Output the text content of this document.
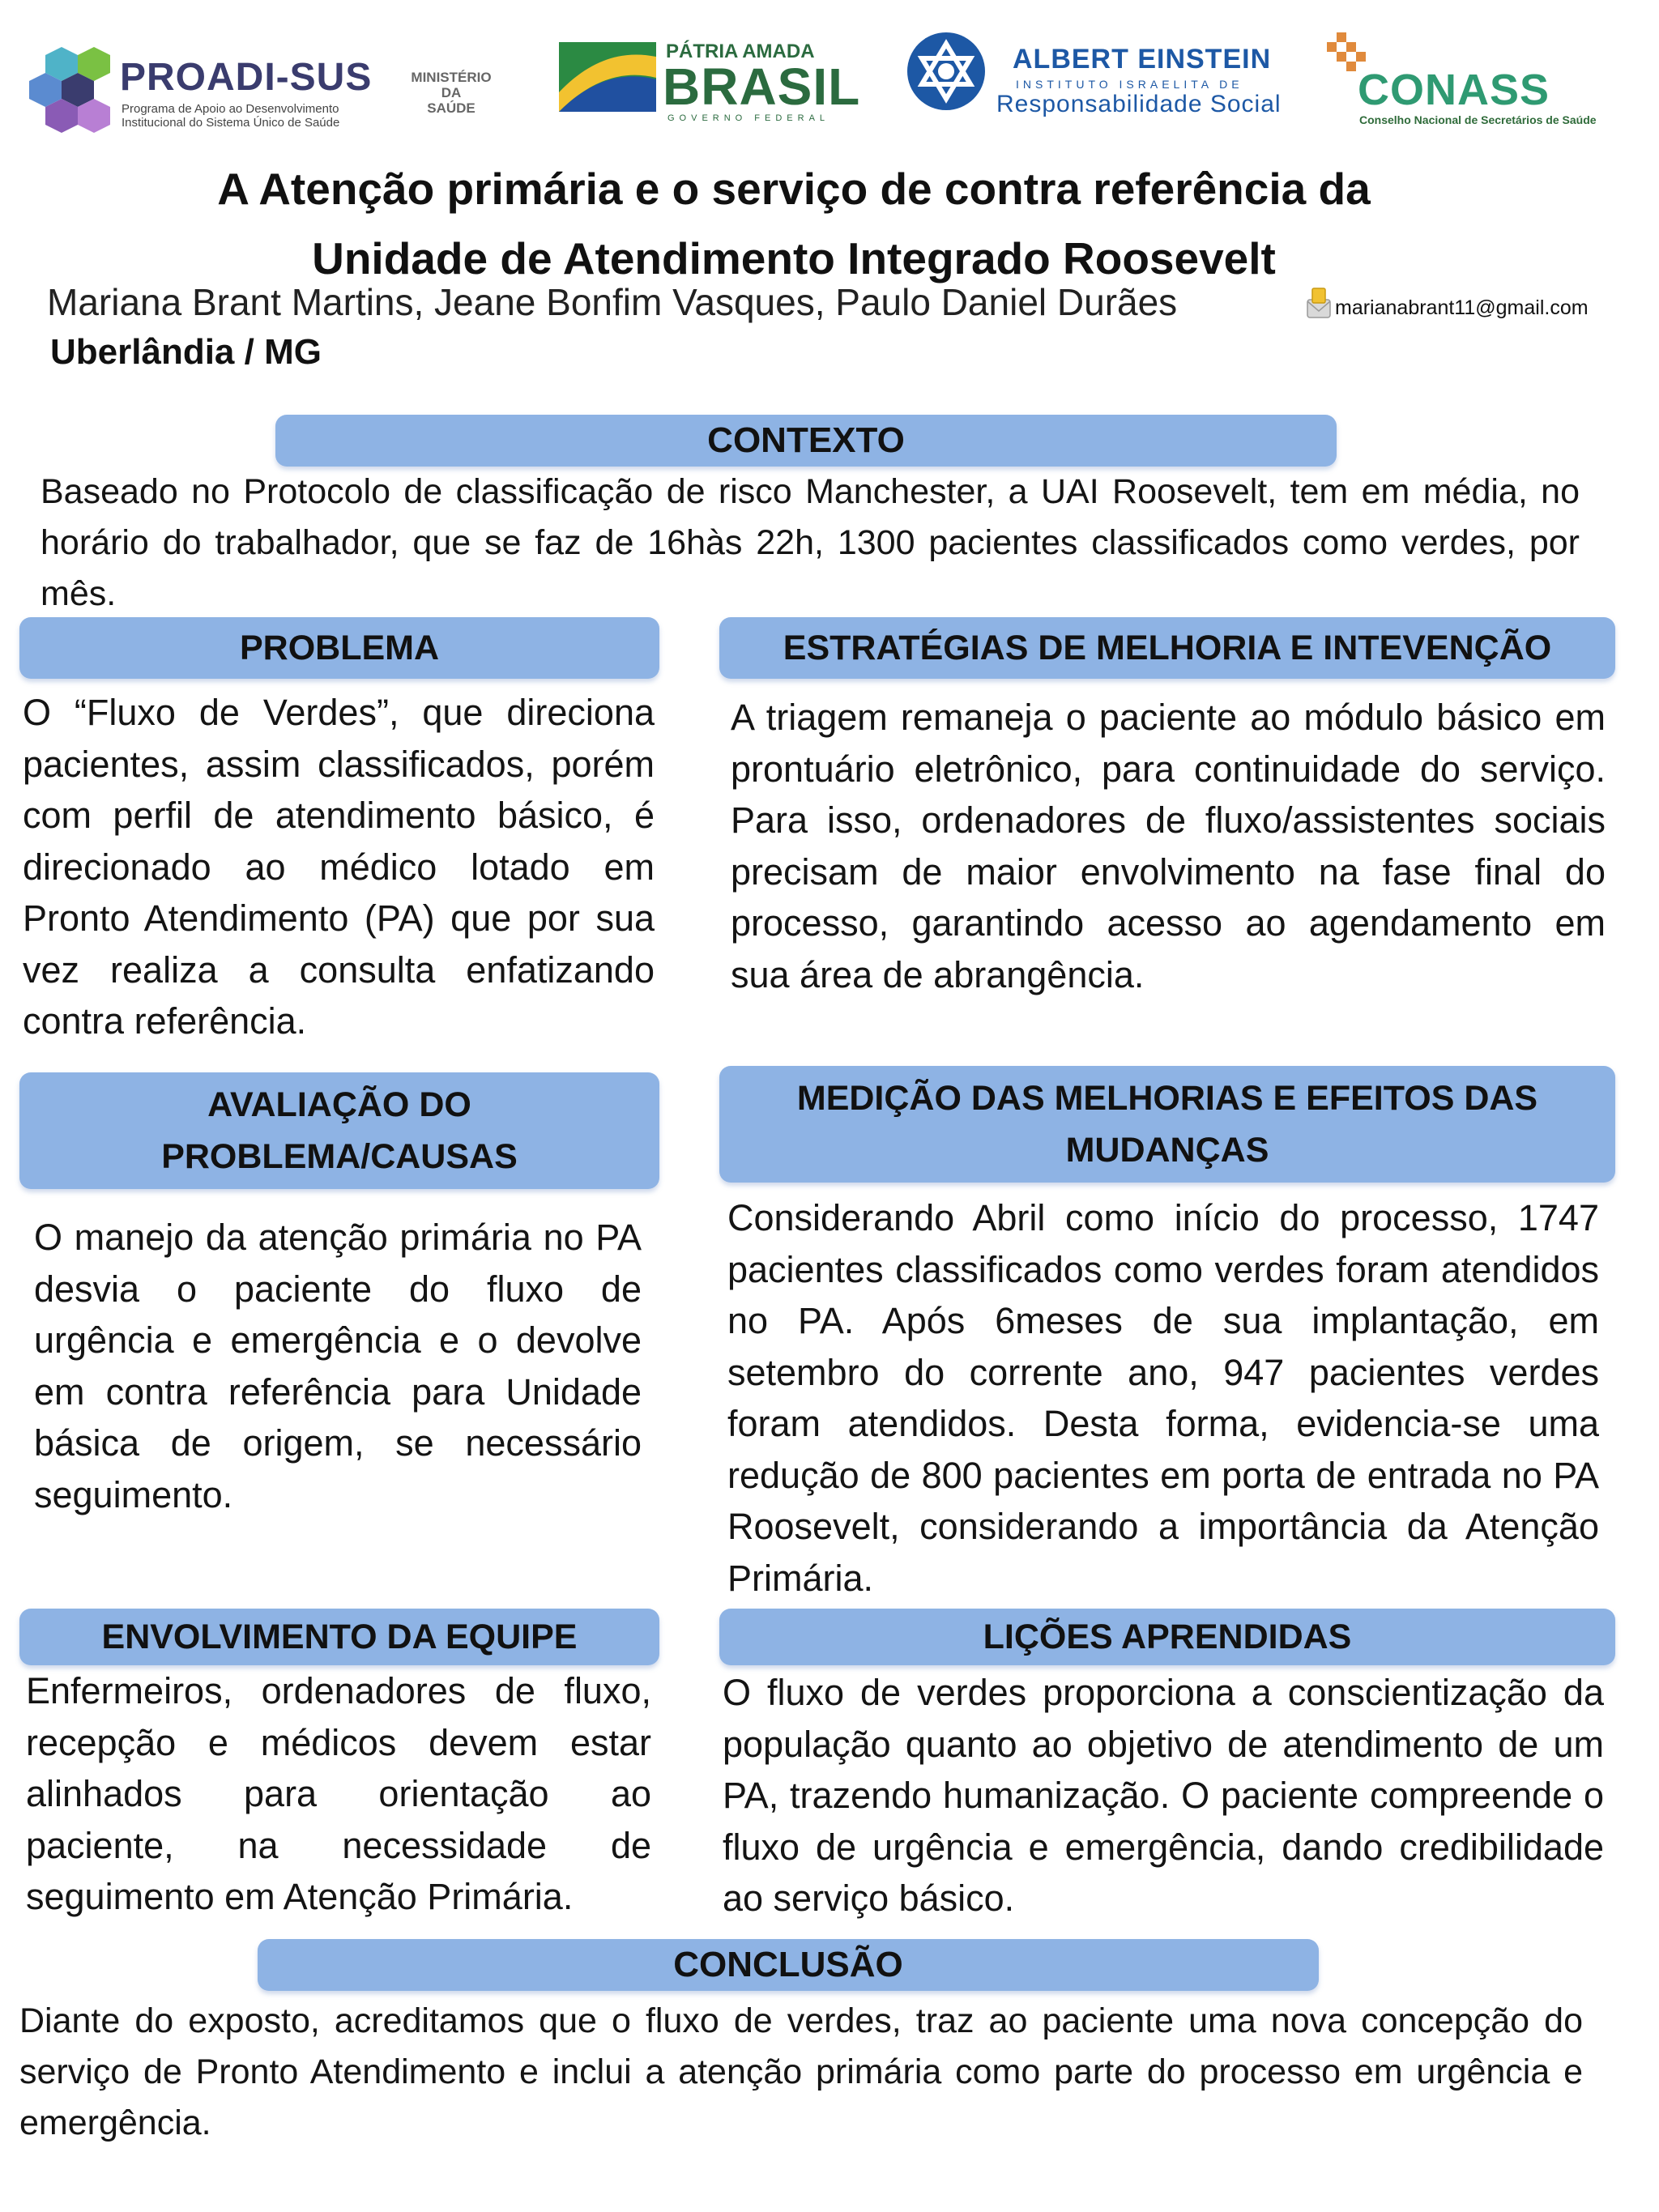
PROADI-SUS
Programa de Apoio ao Desenvolvimento
Institucional do Sistema Único de Saúde
MINISTÉRIO DA
SAÚDE
PÁTRIA AMADA
BRASIL
GOVERNO FEDERAL
ALBERT EINSTEIN
INSTITUTO ISRAELITA DE
Responsabilidade Social CONASS
Conselho Nacional de Secretários de Saúde
A Atenção primária e o serviço de contra referência da
Unidade de Atendimento Integrado Roosevelt
Mariana Brant Martins, Jeane Bonfim Vasques, Paulo Daniel Durães
Uberlândia / MG
marianabrant11@gmail.com
CONTEXTO
Baseado no Protocolo de classificação de risco Manchester, a UAI Roosevelt, tem em média, no horário do trabalhador, que se faz de 16hàs 22h, 1300 pacientes classificados como verdes, por mês.
PROBLEMA
O “Fluxo de Verdes”, que direciona pacientes, assim classificados, porém com perfil de atendimento básico, é direcionado ao médico lotado em Pronto Atendimento (PA) que por sua vez realiza a consulta enfatizando contra referência.
ESTRATÉGIAS DE MELHORIA E INTEVENÇÃO
A triagem remaneja o paciente ao módulo básico em prontuário eletrônico, para continuidade do serviço. Para isso, ordenadores de fluxo/assistentes sociais precisam de maior envolvimento na fase final do processo, garantindo acesso ao agendamento em sua área de abrangência.
AVALIAÇÃO DO
PROBLEMA/CAUSAS
O manejo da atenção primária no PA desvia o paciente do fluxo de urgência e emergência e o devolve em contra referência para Unidade básica de origem, se necessário seguimento.
MEDIÇÃO DAS MELHORIAS E EFEITOS DAS
MUDANÇAS
Considerando Abril como início do processo, 1747 pacientes classificados como verdes foram atendidos no PA. Após 6meses de sua implantação, em setembro do corrente ano, 947 pacientes verdes foram atendidos. Desta forma, evidencia-se uma redução de 800 pacientes em porta de entrada no PA Roosevelt, considerando a importância da Atenção Primária.
ENVOLVIMENTO DA EQUIPE
Enfermeiros, ordenadores de fluxo, recepção e médicos devem estar alinhados para orientação ao paciente, na necessidade de seguimento em Atenção Primária.
LIÇÕES APRENDIDAS
O fluxo de verdes proporciona a conscientização da população quanto ao objetivo de atendimento de um PA, trazendo humanização. O paciente compreende o fluxo de urgência e emergência, dando credibilidade ao serviço básico.
CONCLUSÃO
Diante do exposto, acreditamos que o fluxo de verdes, traz ao paciente uma nova concepção do serviço de Pronto Atendimento e inclui a atenção primária como parte do processo em urgência e emergência.
